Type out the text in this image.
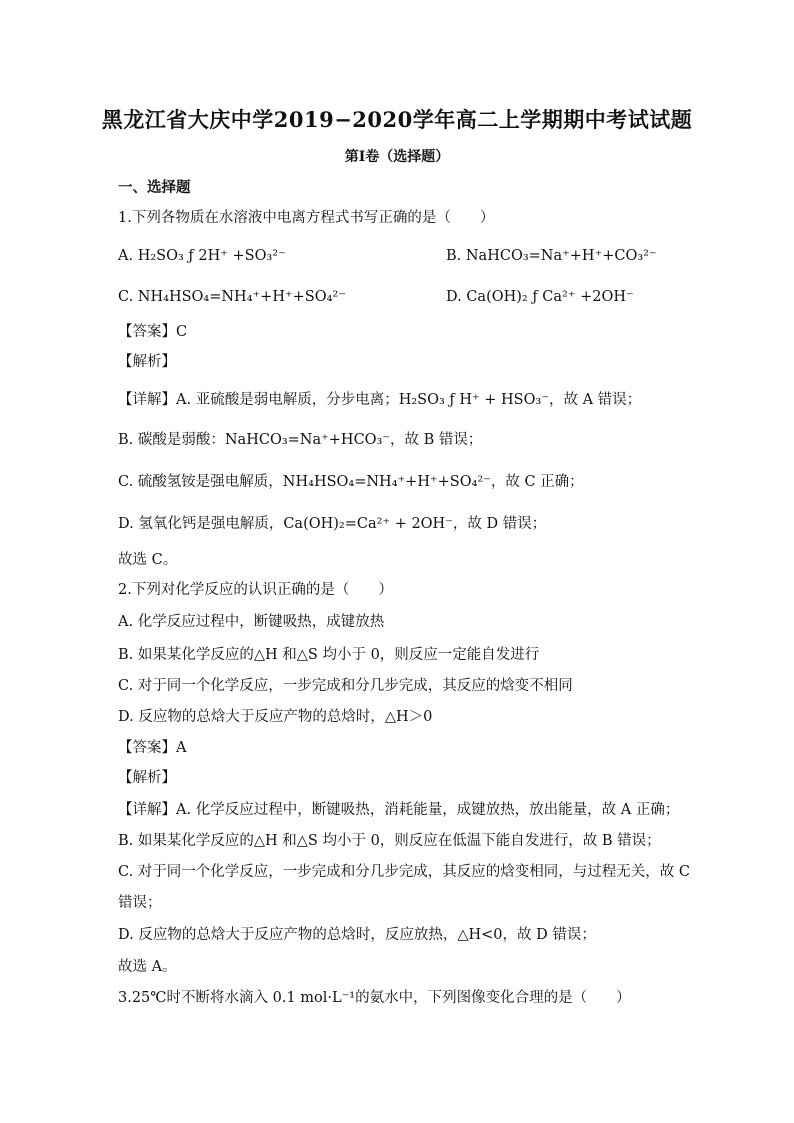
黑龙江省大庆中学2019−2020学年高二上学期期中考试试题
第Ⅰ卷（选择题）
一、选择题
1.下列各物质在水溶液中电离方程式书写正确的是（　　）
A. H₂SO₃ ƒ 2H⁺ +SO₃²⁻	B. NaHCO₃=Na⁺+H⁺+CO₃²⁻
C. NH₄HSO₄=NH₄⁺+H⁺+SO₄²⁻	D. Ca(OH)₂ ƒ Ca²⁺ +2OH⁻
【答案】C
【解析】
【详解】A. 亚硫酸是弱电解质，分步电离；H₂SO₃ ƒ H⁺ + HSO₃⁻，故 A 错误；
B. 碳酸是弱酸：NaHCO₃=Na⁺+HCO₃⁻，故 B 错误；
C. 硫酸氢铵是强电解质，NH₄HSO₄=NH₄⁺+H⁺+SO₄²⁻，故 C 正确；
D. 氢氧化钙是强电解质，Ca(OH)₂=Ca²⁺ + 2OH⁻，故 D 错误；
故选 C。
2.下列对化学反应的认识正确的是（　　）
A. 化学反应过程中，断键吸热，成键放热
B. 如果某化学反应的△H 和△S 均小于 0，则反应一定能自发进行
C. 对于同一个化学反应，一步完成和分几步完成，其反应的焓变不相同
D. 反应物的总焓大于反应产物的总焓时，△H＞0
【答案】A
【解析】
【详解】A. 化学反应过程中，断键吸热，消耗能量，成键放热，放出能量，故 A 正确；
B. 如果某化学反应的△H 和△S 均小于 0，则反应在低温下能自发进行，故 B 错误；
C. 对于同一个化学反应，一步完成和分几步完成，其反应的焓变相同，与过程无关，故 C
错误；
D. 反应物的总焓大于反应产物的总焓时，反应放热，△H<0，故 D 错误；
故选 A。
3.25℃时不断将水滴入 0.1 mol·L⁻¹的氨水中，下列图像变化合理的是（　　）
